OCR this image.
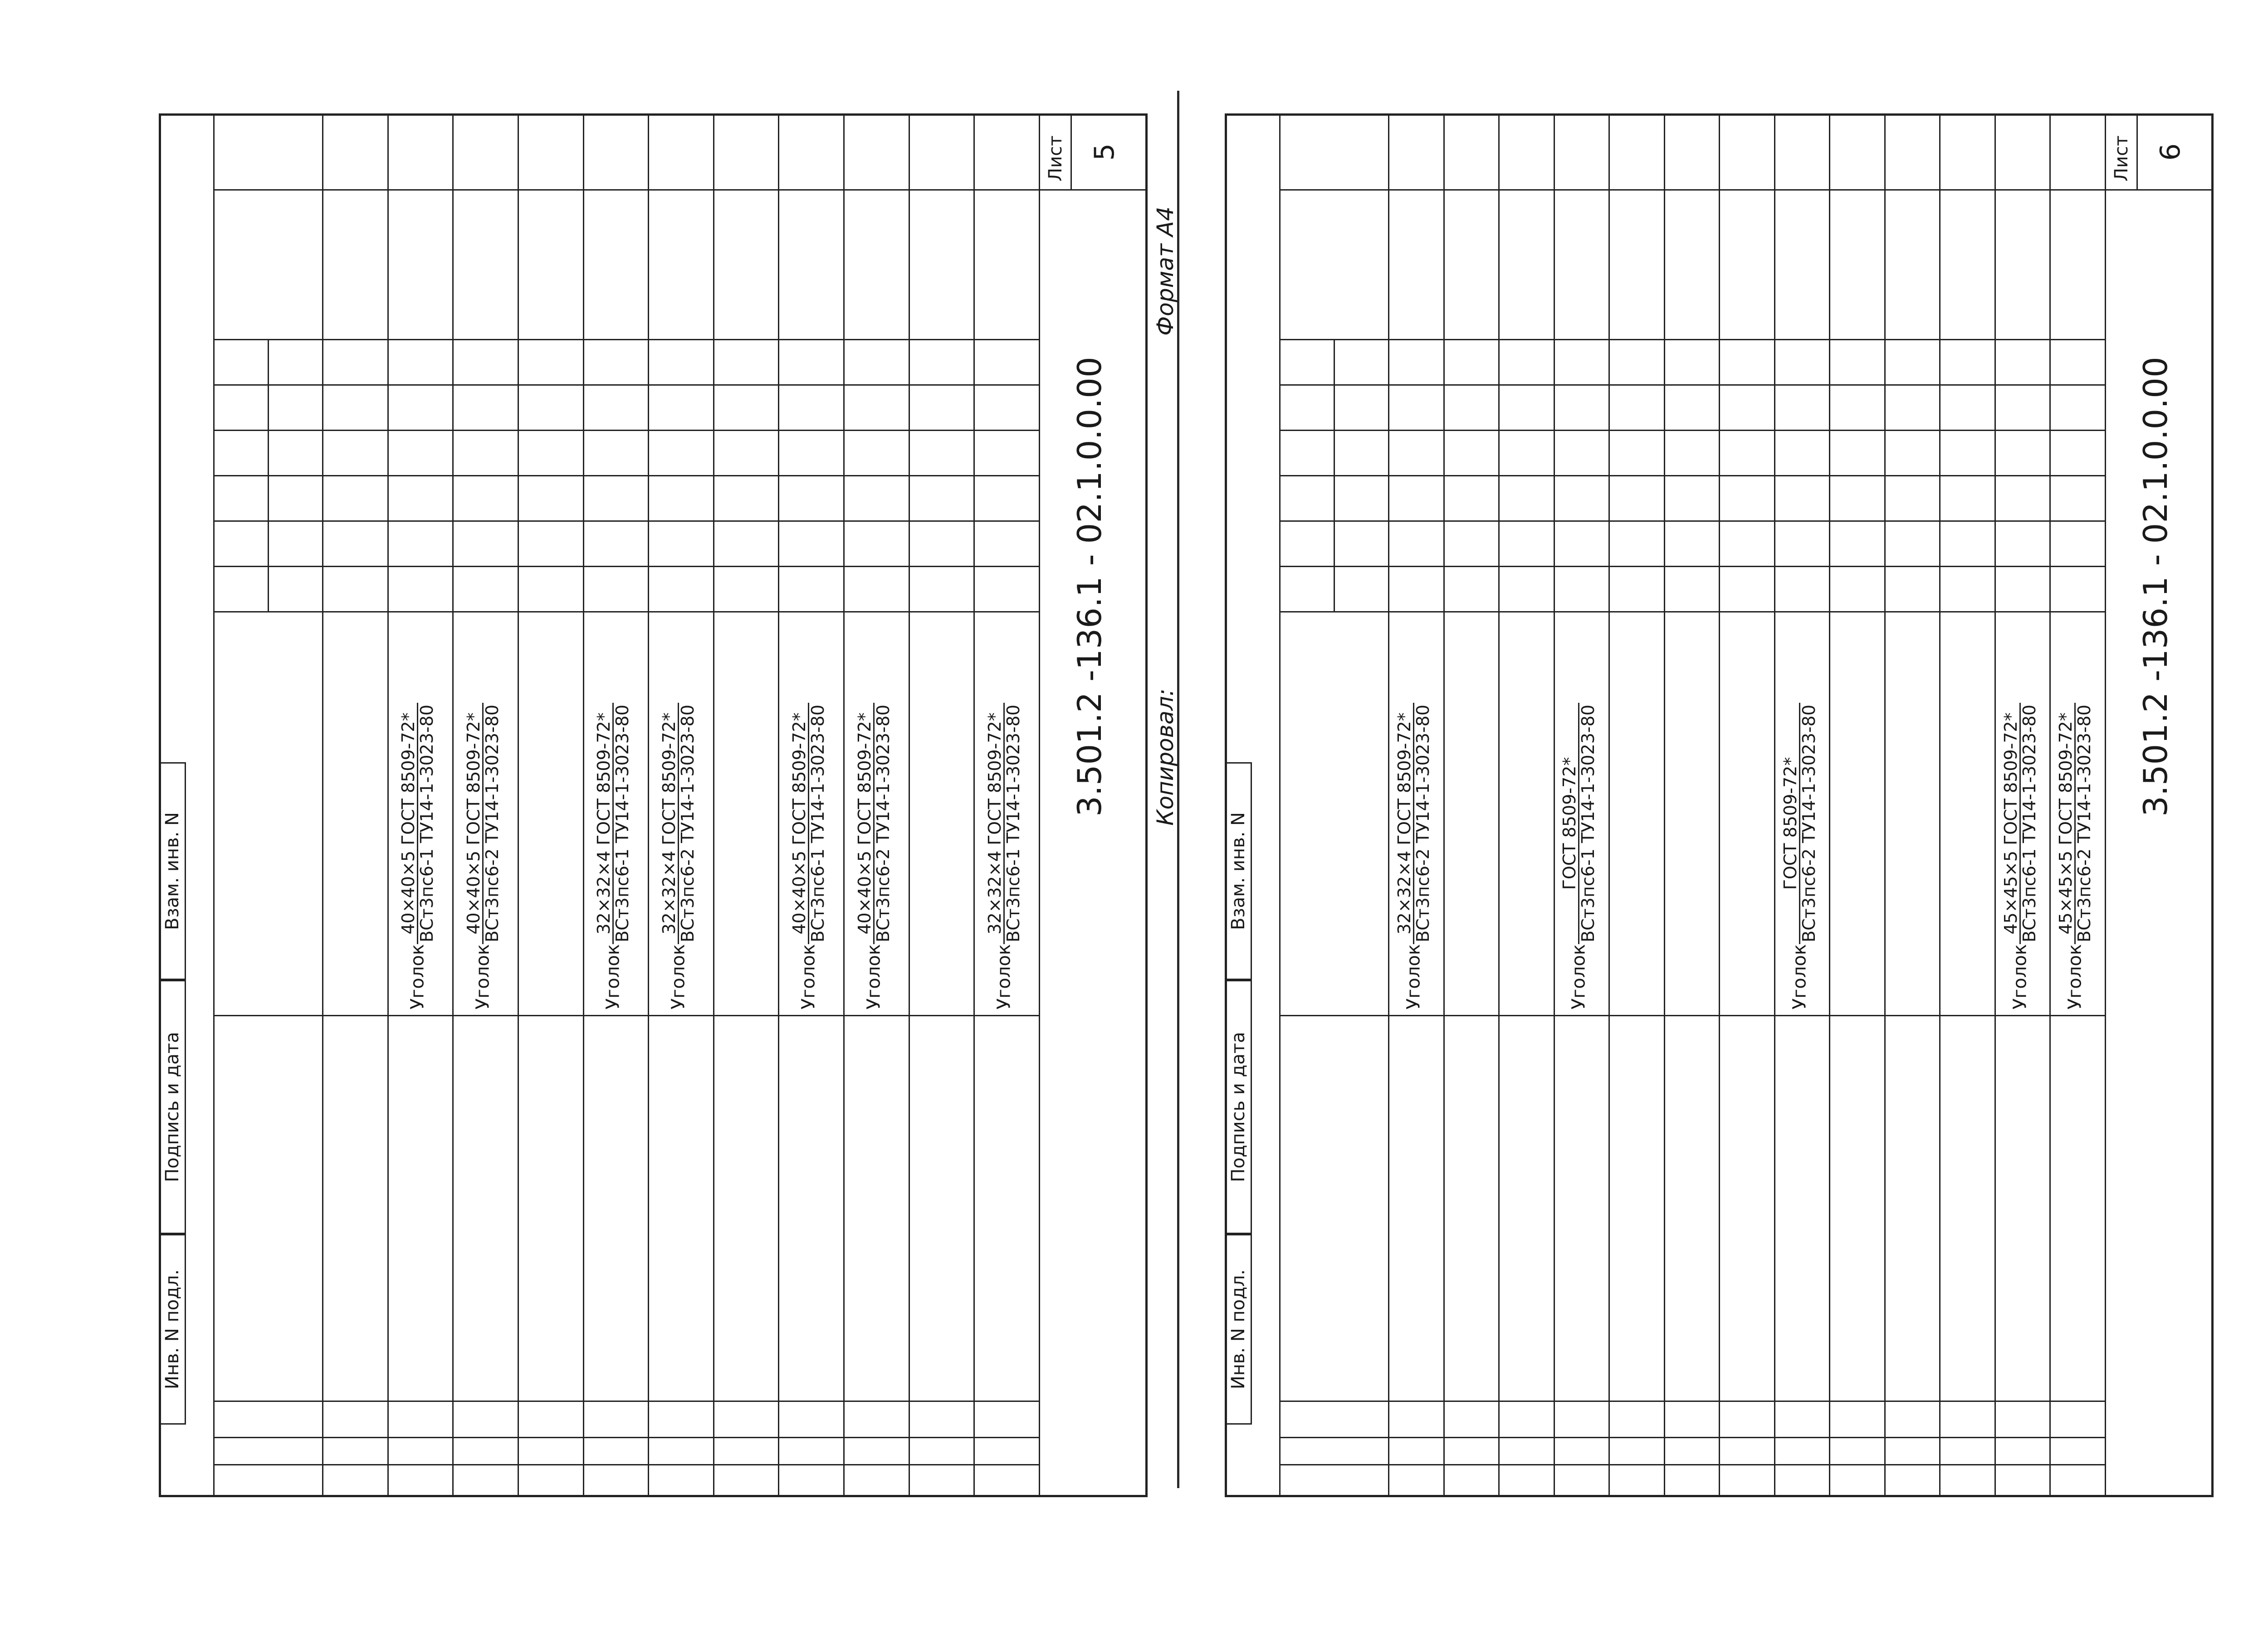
Инв. N подл.
Подпись и дата
Взам. инв. N
Уголок
40×40×5 ГОСТ 8509-72*
ВСт3пс6-1 ТУ14-1-3023-80
Уголок
40×40×5 ГОСТ 8509-72*
ВСт3пс6-2 ТУ14-1-3023-80
Уголок
32×32×4 ГОСТ 8509-72*
ВСт3пс6-1 ТУ14-1-3023-80
Уголок
32×32×4 ГОСТ 8509-72*
ВСт3пс6-2 ТУ14-1-3023-80
Уголок
40×40×5 ГОСТ 8509-72*
ВСт3пс6-1 ТУ14-1-3023-80
Уголок
40×40×5 ГОСТ 8509-72*
ВСт3пс6-2 ТУ14-1-3023-80
Уголок
32×32×4 ГОСТ 8509-72*
ВСт3пс6-1 ТУ14-1-3023-80
3.501.2 -136.1 - 02.1.0.0.00
Лист 5
Копировал:
Формат А4
Инв. N подл.
Подпись и дата
Взам. инв. N
Уголок
32×32×4 ГОСТ 8509-72*
ВСт3пс6-2 ТУ14-1-3023-80
Уголок
ГОСТ 8509-72*
ВСт3пс6-1 ТУ14-1-3023-80
Уголок
ГОСТ 8509-72*
ВСт3пс6-2 ТУ14-1-3023-80
Уголок
45×45×5 ГОСТ 8509-72*
ВСт3пс6-1 ТУ14-1-3023-80
Уголок
45×45×5 ГОСТ 8509-72*
ВСт3пс6-2 ТУ14-1-3023-80
3.501.2 -136.1 - 02.1.0.0.00
Лист 6
